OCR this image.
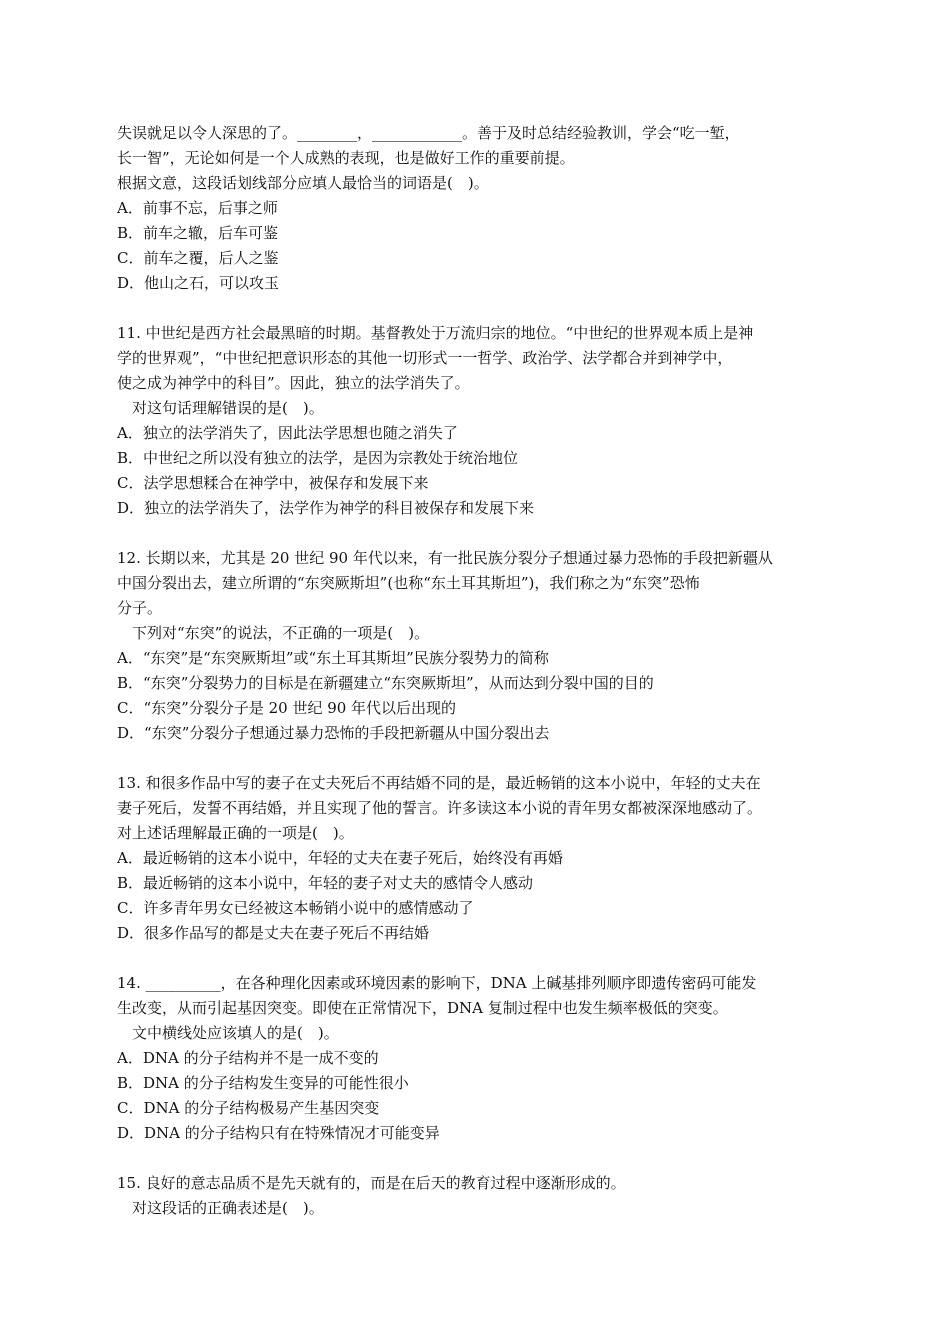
失误就足以令人深思的了。________，____________。善于及时总结经验教训，学会“吃一堑，

长一智”，无论如何是一个人成熟的表现，也是做好工作的重要前提。

根据文意，这段话划线部分应填人最恰当的词语是(　)。

A．前事不忘，后事之师

B．前车之辙，后车可鉴

C．前车之覆，后人之鉴

D．他山之石，可以攻玉

11. 中世纪是西方社会最黑暗的时期。基督教处于万流归宗的地位。“中世纪的世界观本质上是神

学的世界观”，“中世纪把意识形态的其他一切形式一一哲学、政治学、法学都合并到神学中，

使之成为神学中的科目”。因此，独立的法学消失了。

对这句话理解错误的是(　)。

A．独立的法学消失了，因此法学思想也随之消失了

B．中世纪之所以没有独立的法学，是因为宗教处于统治地位

C．法学思想糅合在神学中，被保存和发展下来

D．独立的法学消失了，法学作为神学的科目被保存和发展下来

12. 长期以来，尤其是 20 世纪 90 年代以来，有一批民族分裂分子想通过暴力恐怖的手段把新疆从

中国分裂出去，建立所谓的“东突厥斯坦”(也称“东土耳其斯坦”)，我们称之为“东突”恐怖

分子。

下列对“东突”的说法，不正确的一项是(　)。

A．“东突”是“东突厥斯坦”或“东土耳其斯坦”民族分裂势力的简称

B．“东突”分裂势力的目标是在新疆建立“东突厥斯坦”，从而达到分裂中国的目的

C．“东突”分裂分子是 20 世纪 90 年代以后出现的

D．“东突”分裂分子想通过暴力恐怖的手段把新疆从中国分裂出去

13. 和很多作品中写的妻子在丈夫死后不再结婚不同的是，最近畅销的这本小说中，年轻的丈夫在

妻子死后，发誓不再结婚，并且实现了他的誓言。许多读这本小说的青年男女都被深深地感动了。

对上述话理解最正确的一项是(　)。

A．最近畅销的这本小说中，年轻的丈夫在妻子死后，始终没有再婚

B．最近畅销的这本小说中，年轻的妻子对丈夫的感情令人感动

C．许多青年男女已经被这本畅销小说中的感情感动了

D．很多作品写的都是丈夫在妻子死后不再结婚

14. __________，在各种理化因素或环境因素的影响下，DNA 上碱基排列顺序即遗传密码可能发

生改变，从而引起基因突变。即使在正常情况下，DNA 复制过程中也发生频率极低的突变。

文中横线处应该填人的是(　)。

A．DNA 的分子结构并不是一成不变的

B．DNA 的分子结构发生变异的可能性很小

C．DNA 的分子结构极易产生基因突变

D．DNA 的分子结构只有在特殊情况才可能变异

15. 良好的意志品质不是先天就有的，而是在后天的教育过程中逐渐形成的。

对这段话的正确表述是(　)。
